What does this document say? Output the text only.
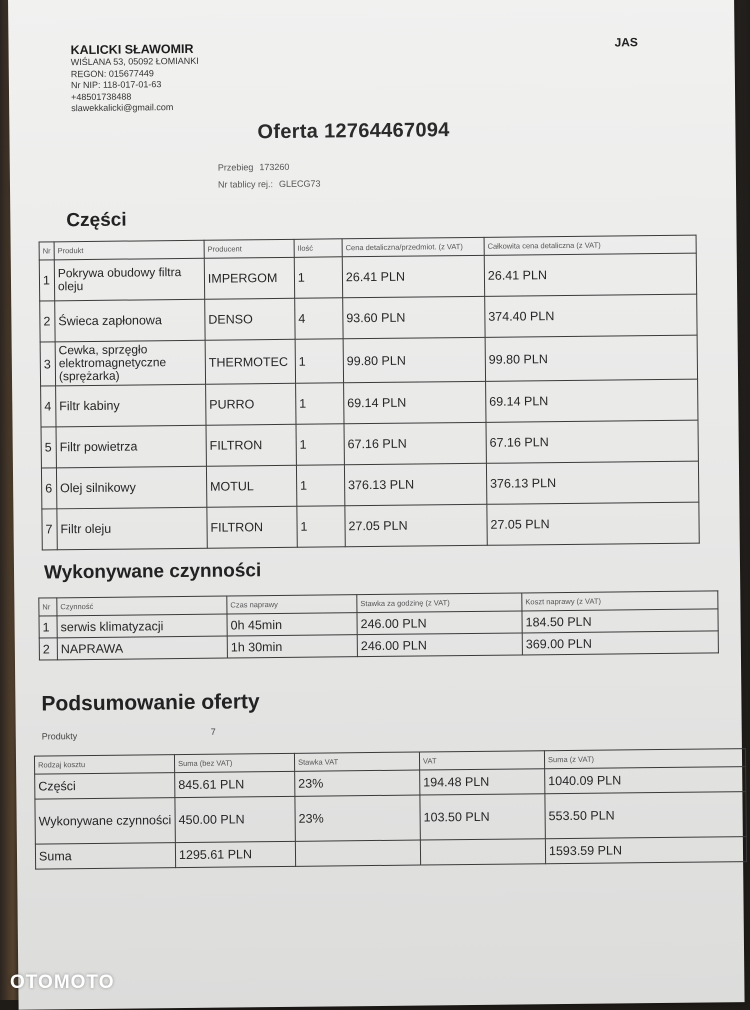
KALICKI SŁAWOMIR
WIŚLANA 53, 05092 ŁOMIANKI
REGON: 015677449
Nr NIP: 118-017-01-63
+48501738488
slawekkalicki@gmail.com
JAS
Oferta 12764467094
Przebieg 173260
Nr tablicy rej.: GLECG73
Części
Nr	Produkt	Producent	Ilość	Cena detaliczna/przedmiot. (z VAT)	Całkowita cena detaliczna (z VAT)
1	Pokrywa obudowy filtra oleju	IMPERGOM	1	26.41 PLN	26.41 PLN
2	Świeca zapłonowa	DENSO	4	93.60 PLN	374.40 PLN
3	Cewka, sprzęgło elektromagnetyczne (sprężarka)	THERMOTEC	1	99.80 PLN	99.80 PLN
4	Filtr kabiny	PURRO	1	69.14 PLN	69.14 PLN
5	Filtr powietrza	FILTRON	1	67.16 PLN	67.16 PLN
6	Olej silnikowy	MOTUL	1	376.13 PLN	376.13 PLN
7	Filtr oleju	FILTRON	1	27.05 PLN	27.05 PLN
Wykonywane czynności
Nr	Czynność	Czas naprawy	Stawka za godzinę (z VAT)	Koszt naprawy (z VAT)
1	serwis klimatyzacji	0h 45min	246.00 PLN	184.50 PLN
2	NAPRAWA	1h 30min	246.00 PLN	369.00 PLN
Podsumowanie oferty
Produkty	7
Rodzaj kosztu	Suma (bez VAT)	Stawka VAT	VAT	Suma (z VAT)
Części	845.61 PLN	23%	194.48 PLN	1040.09 PLN
Wykonywane czynności	450.00 PLN	23%	103.50 PLN	553.50 PLN
Suma	1295.61 PLN			1593.59 PLN
OTOMOTO
